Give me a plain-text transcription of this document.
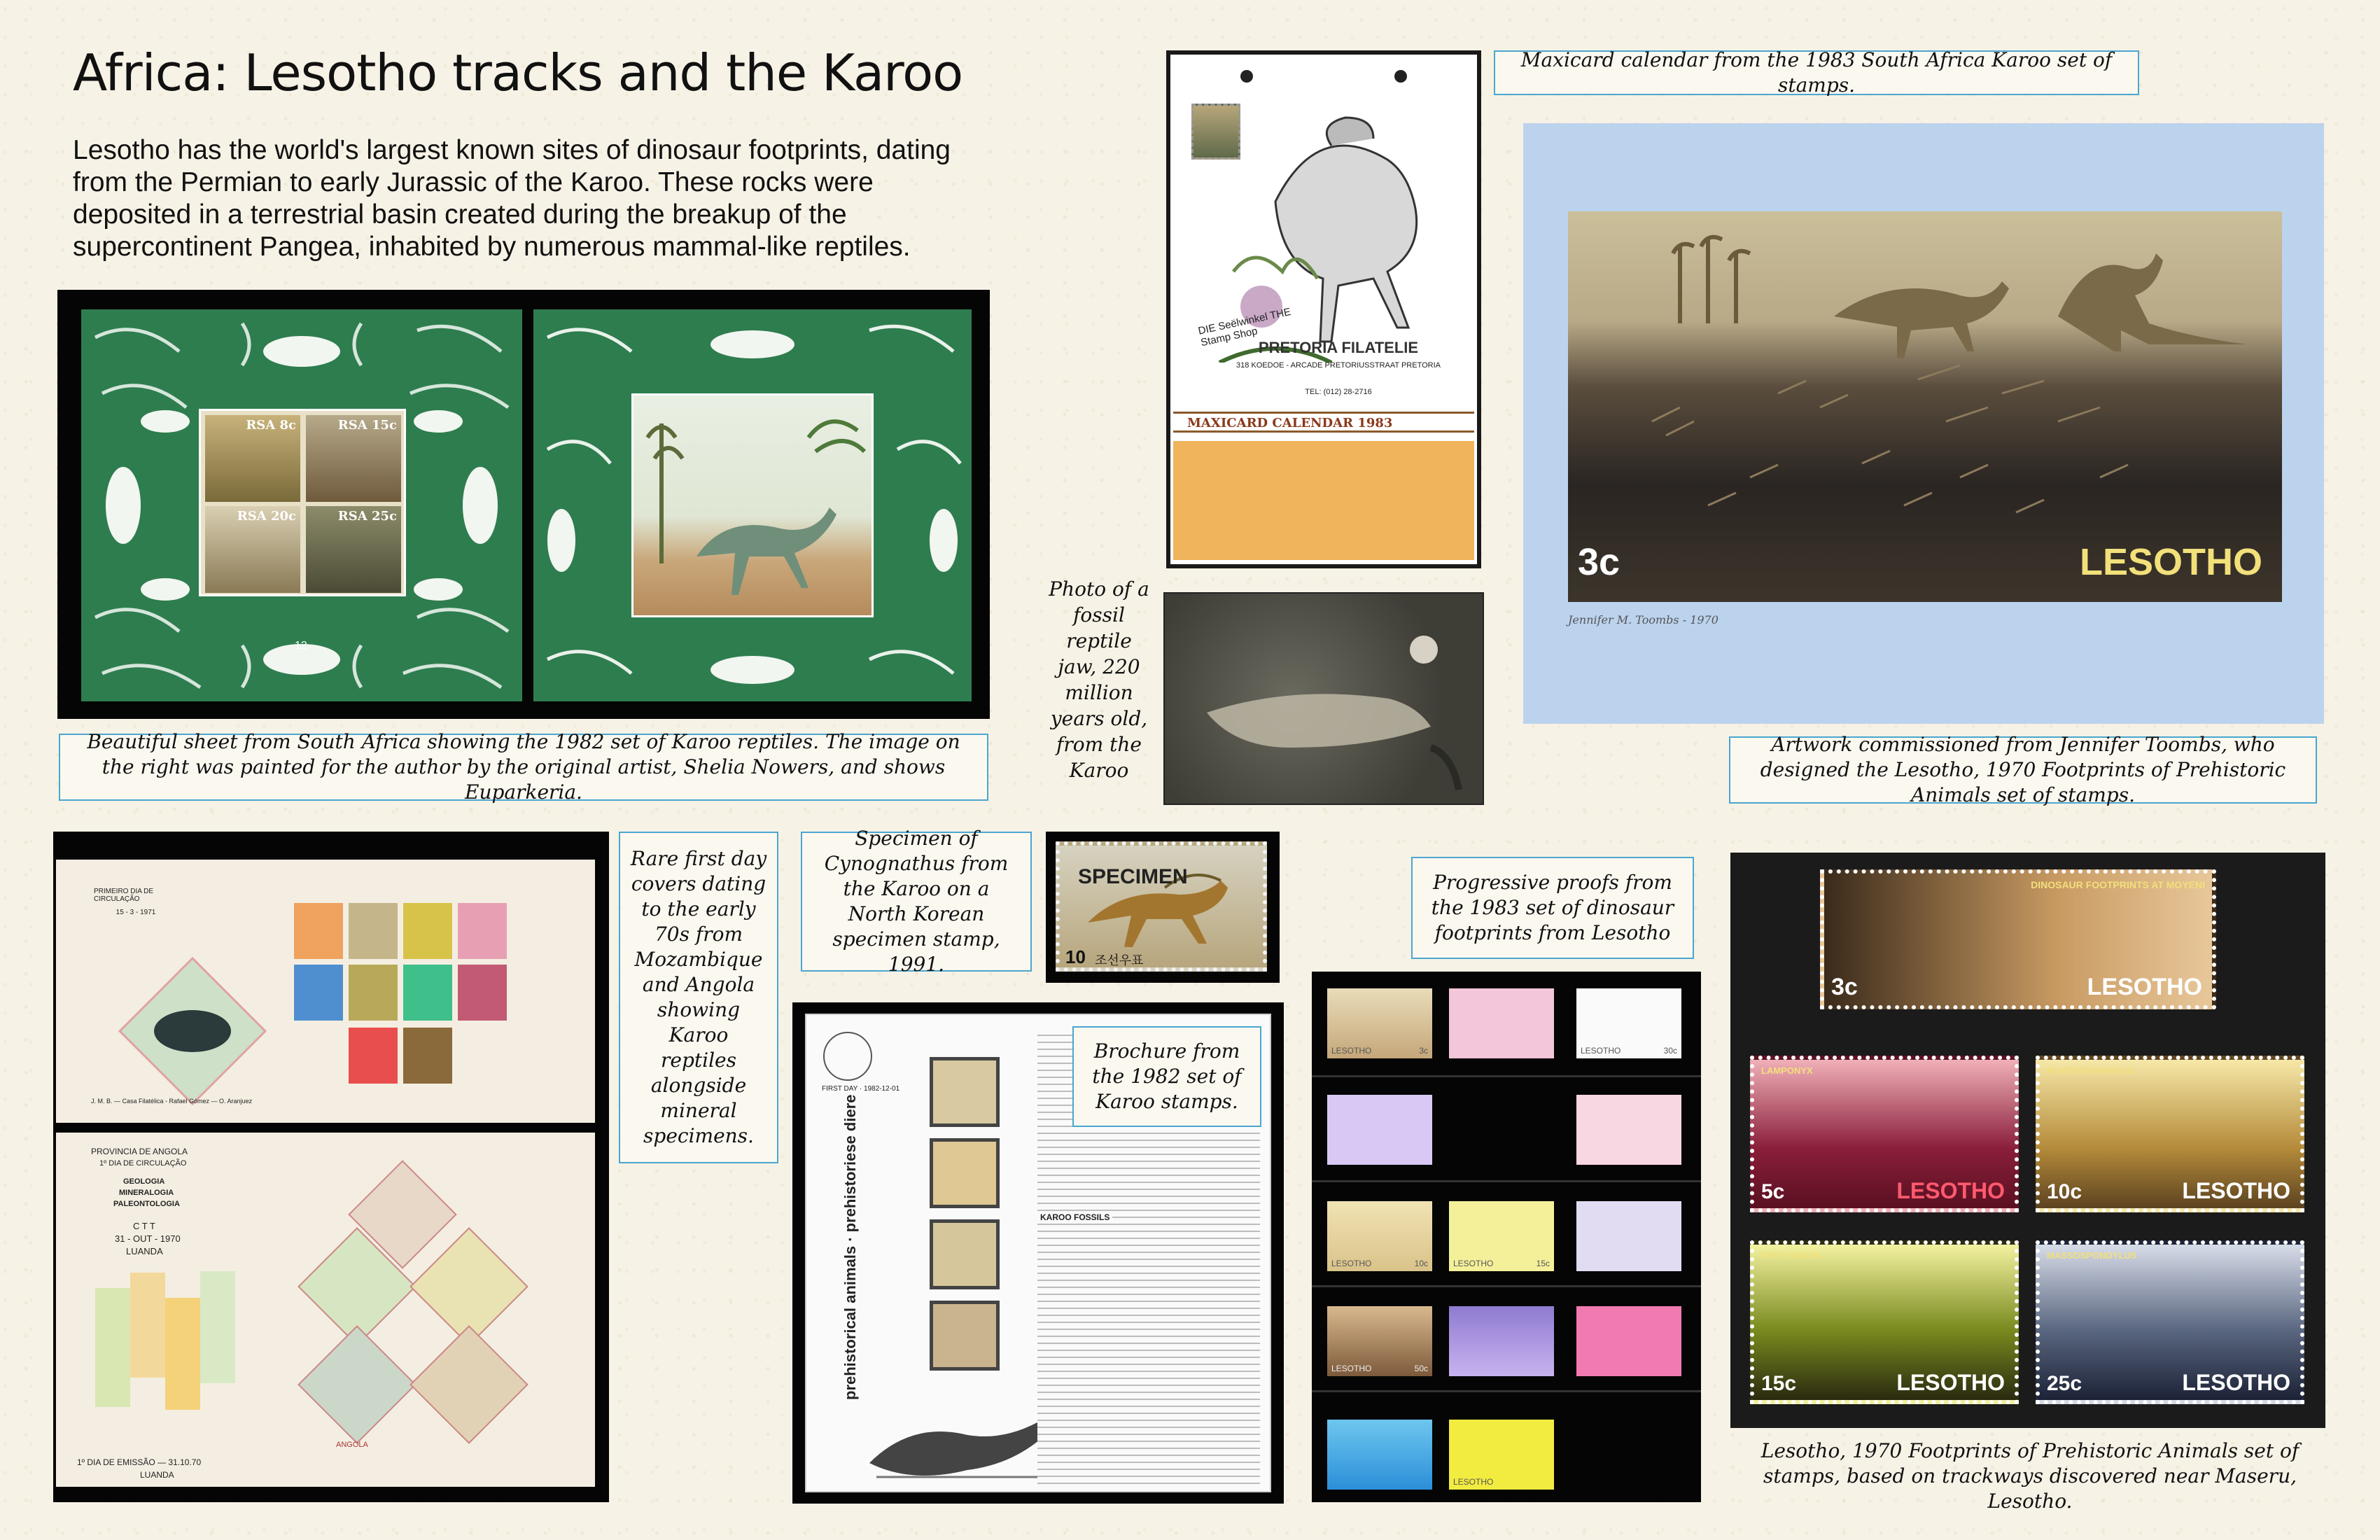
Africa: Lesotho tracks and the Karoo
Lesotho has the world's largest known sites of dinosaur footprints, dating from the Permian to early Jurassic of the Karoo. These rocks were deposited in a terrestrial basin created during the breakup of the supercontinent Pangea, inhabited by numerous mammal-like reptiles.
RSA 8c	RSA 15c
RSA 20c	RSA 25c
12
Beautiful sheet from South Africa showing the 1982 set of Karoo reptiles. The image on the right was painted for the author by the original artist, Shelia Nowers, and shows Euparkeria.
DIE Seëlwinkel THE Stamp Shop PRETORIA FILATELIE
318 KOEDOE - ARCADE PRETORIUSSTRAAT PRETORIA
TEL: (012) 28-2716
MAXICARD CALENDAR 1983
Maxicard calendar from the 1983 South Africa Karoo set of stamps.
3c	LESOTHO
Jennifer M. Toombs - 1970
Artwork commissioned from Jennifer Toombs, who designed the Lesotho, 1970 Footprints of Prehistoric Animals set of stamps.
Photo of a fossil reptile jaw, 220 million years old, from the Karoo
PRIMEIRO DIA DE CIRCULAÇÃO
15 - 3 - 1971
J. M. B. — Casa Filatélica - Rafael Gómez — O. Aranjuez
PROVINCIA DE ANGOLA
1º DIA DE CIRCULAÇÃO
GEOLOGIA
MINERALOGIA
PALEONTOLOGIA
C T T
31 - OUT - 1970
LUANDA
ANGOLA
1º DIA DE EMISSÃO — 31.10.70
LUANDA
Rare first day covers dating to the early 70s from Mozambique and Angola showing Karoo reptiles alongside mineral specimens.
Specimen of Cynognathus from the Karoo on a North Korean specimen stamp, 1991.
SPECIMEN
10 조선우표
FIRST DAY · 1982-12-01
prehistorical animals · prehistoriese diere	KAROO FOSSILS
Brochure from the 1982 set of Karoo stamps.
Progressive proofs from the 1983 set of dinosaur footprints from Lesotho
LESOTHO	3c	LESOTHO	30c
LESOTHO	10c	LESOTHO	15c
LESOTHO	50c
LESOTHO
DINOSAUR FOOTPRINTS AT MOYENI
3c	LESOTHO
LAMPONYX
5c	LESOTHO
PLATEOSAURAVUS
10c	LESOTHO
TRITYLODON
15c	LESOTHO
MASSOSPONDYLUS
25c	LESOTHO
Lesotho, 1970 Footprints of Prehistoric Animals set of stamps, based on trackways discovered near Maseru, Lesotho.
